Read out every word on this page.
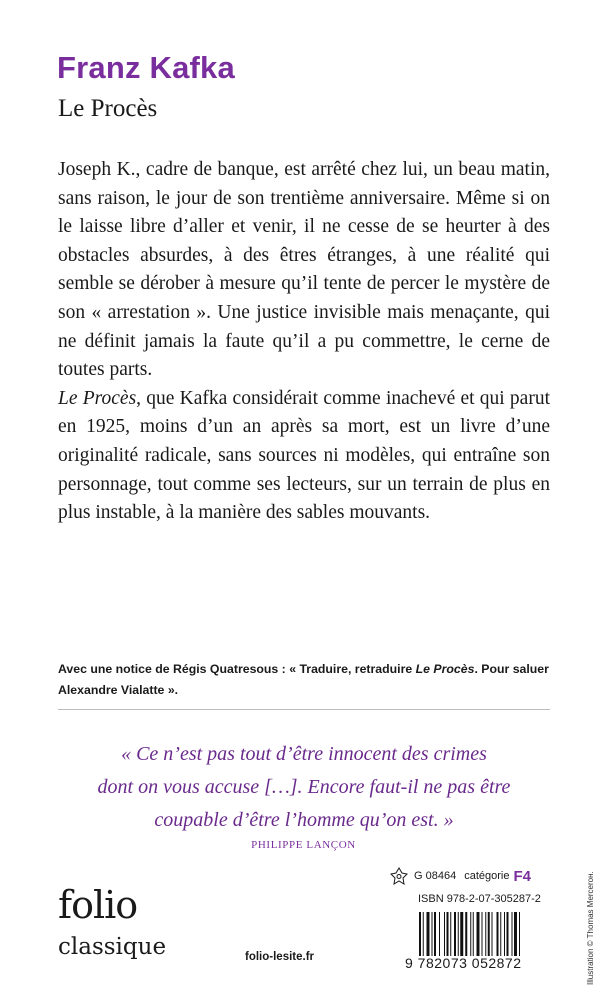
Franz Kafka
Le Procès

Joseph K., cadre de banque, est arrêté chez lui, un beau matin, sans raison, le jour de son trentième anniversaire. Même si on le laisse libre d’aller et venir, il ne cesse de se heurter à des obstacles absurdes, à des êtres étranges, à une réalité qui semble se dérober à mesure qu’il tente de percer le mystère de son « arrestation ». Une justice invisible mais menaçante, qui ne définit jamais la faute qu’il a pu commettre, le cerne de toutes parts.

Le Procès, que Kafka considérait comme inachevé et qui parut en 1925, moins d’un an après sa mort, est un livre d’une originalité radicale, sans sources ni modèles, qui entraîne son personnage, tout comme ses lecteurs, sur un terrain de plus en plus instable, à la manière des sables mouvants.

Avec une notice de Régis Quatresous : « Traduire, retraduire Le Procès. Pour saluer Alexandre Vialatte ».
« Ce n’est pas tout d’être innocent des crimes
dont on vous accuse […]. Encore faut-il ne pas être
coupable d’être l’homme qu’on est. »
PHILIPPE LANÇON
G 08464 catégorie F4
ISBN 978-2-07-305287-2
9 782073 052872
folio
classique	folio-lesite.fr	Illustration © Thomas Mercerон.
